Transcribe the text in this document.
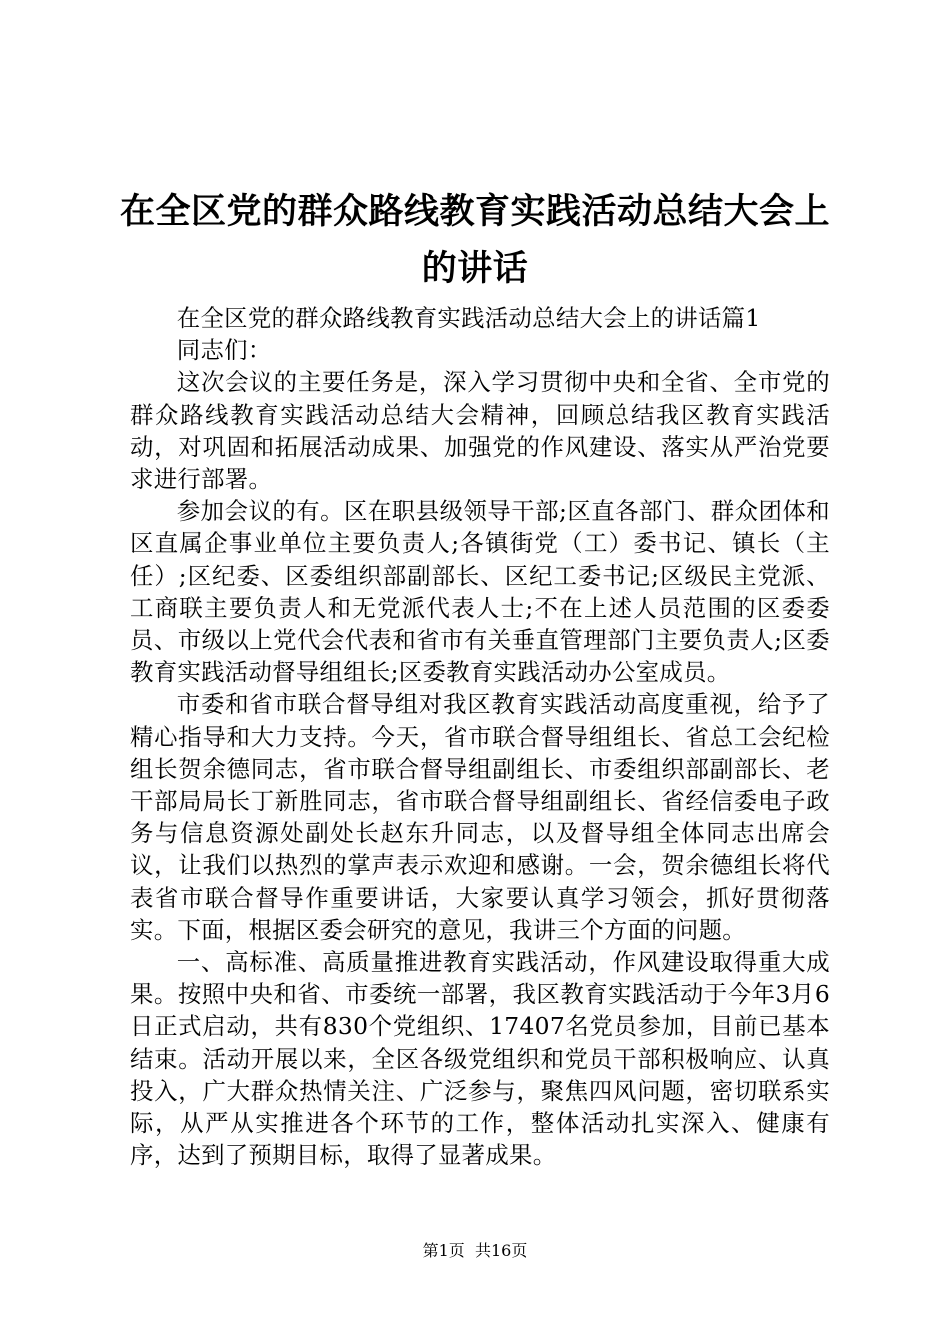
在全区党的群众路线教育实践活动总结大会上的讲话

在全区党的群众路线教育实践活动总结大会上的讲话篇1

同志们：

这次会议的主要任务是，深入学习贯彻中央和全省、全市党的群众路线教育实践活动总结大会精神，回顾总结我区教育实践活动，对巩固和拓展活动成果、加强党的作风建设、落实从严治党要求进行部署。

参加会议的有。区在职县级领导干部;区直各部门、群众团体和区直属企事业单位主要负责人;各镇街党（工）委书记、镇长（主任）;区纪委、区委组织部副部长、区纪工委书记;区级民主党派、工商联主要负责人和无党派代表人士;不在上述人员范围的区委委员、市级以上党代会代表和省市有关垂直管理部门主要负责人;区委教育实践活动督导组组长;区委教育实践活动办公室成员。

市委和省市联合督导组对我区教育实践活动高度重视，给予了精心指导和大力支持。今天，省市联合督导组组长、省总工会纪检组长贺余德同志，省市联合督导组副组长、市委组织部副部长、老干部局局长丁新胜同志，省市联合督导组副组长、省经信委电子政务与信息资源处副处长赵东升同志，以及督导组全体同志出席会议，让我们以热烈的掌声表示欢迎和感谢。一会，贺余德组长将代表省市联合督导作重要讲话，大家要认真学习领会，抓好贯彻落实。下面，根据区委会研究的意见，我讲三个方面的问题。

一、高标准、高质量推进教育实践活动，作风建设取得重大成果。按照中央和省、市委统一部署，我区教育实践活动于今年3月6日正式启动，共有830个党组织、17407名党员参加，目前已基本结束。活动开展以来，全区各级党组织和党员干部积极响应、认真投入，广大群众热情关注、广泛参与，聚焦四风问题，密切联系实际，从严从实推进各个环节的工作，整体活动扎实深入、健康有序，达到了预期目标，取得了显著成果。

第1页 共16页
